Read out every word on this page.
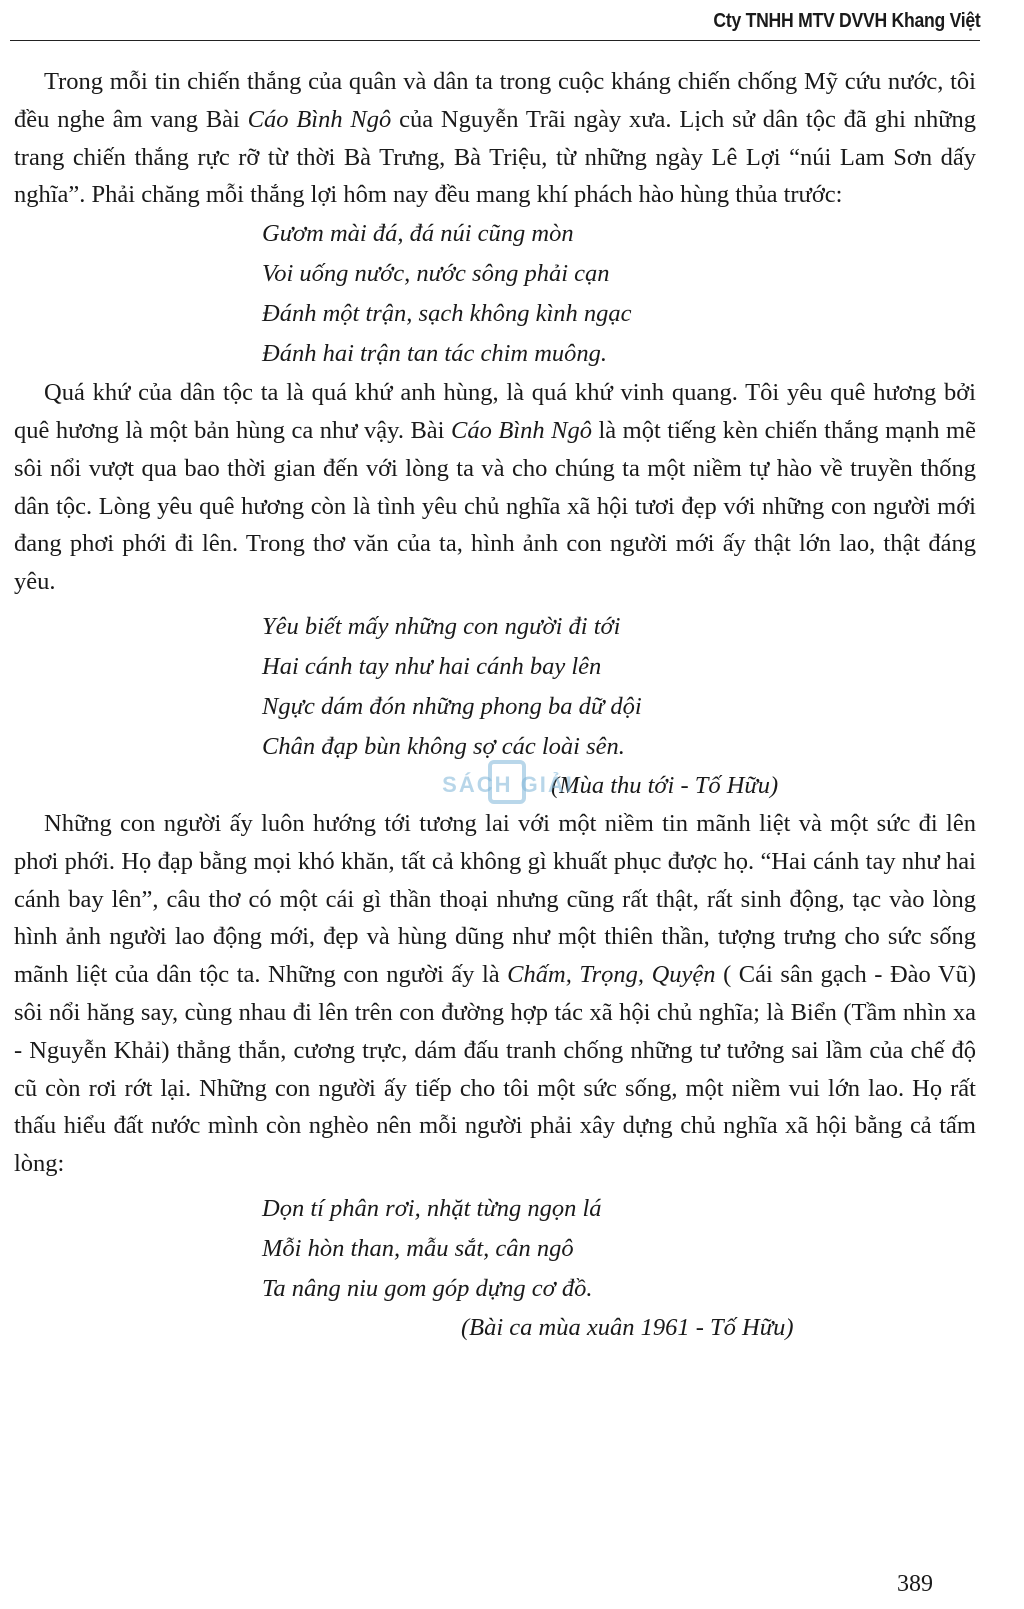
Cty TNHH MTV DVVH Khang Việt

Trong mỗi tin chiến thắng của quân và dân ta trong cuộc kháng chiến chống Mỹ cứu nước, tôi đều nghe âm vang Bài Cáo Bình Ngô của Nguyễn Trãi ngày xưa. Lịch sử dân tộc đã ghi những trang chiến thắng rực rỡ từ thời Bà Trưng, Bà Triệu, từ những ngày Lê Lợi “núi Lam Sơn dấy nghĩa”. Phải chăng mỗi thắng lợi hôm nay đều mang khí phách hào hùng thủa trước:

Gươm mài đá, đá núi cũng mòn
Voi uống nước, nước sông phải cạn
Đánh một trận, sạch không kình ngạc
Đánh hai trận tan tác chim muông.

Quá khứ của dân tộc ta là quá khứ anh hùng, là quá khứ vinh quang. Tôi yêu quê hương bởi quê hương là một bản hùng ca như vậy. Bài Cáo Bình Ngô là một tiếng kèn chiến thắng mạnh mẽ sôi nổi vượt qua bao thời gian đến với lòng ta và cho chúng ta một niềm tự hào về truyền thống dân tộc. Lòng yêu quê hương còn là tình yêu chủ nghĩa xã hội tươi đẹp với những con người mới đang phơi phới đi lên. Trong thơ văn của ta, hình ảnh con người mới ấy thật lớn lao, thật đáng yêu.

Yêu biết mấy những con người đi tới
Hai cánh tay như hai cánh bay lên
Ngực dám đón những phong ba dữ dội
Chân đạp bùn không sợ các loài sên.
(Mùa thu tới - Tố Hữu)

Những con người ấy luôn hướng tới tương lai với một niềm tin mãnh liệt và một sức đi lên phơi phới. Họ đạp bằng mọi khó khăn, tất cả không gì khuất phục được họ. “Hai cánh tay như hai cánh bay lên”, câu thơ có một cái gì thần thoại nhưng cũng rất thật, rất sinh động, tạc vào lòng hình ảnh người lao động mới, đẹp và hùng dũng như một thiên thần, tượng trưng cho sức sống mãnh liệt của dân tộc ta. Những con người ấy là Chấm, Trọng, Quyện ( Cái sân gạch - Đào Vũ) sôi nổi hăng say, cùng nhau đi lên trên con đường hợp tác xã hội chủ nghĩa; là Biển (Tầm nhìn xa - Nguyễn Khải) thẳng thắn, cương trực, dám đấu tranh chống những tư tưởng sai lầm của chế độ cũ còn rơi rớt lại. Những con người ấy tiếp cho tôi một sức sống, một niềm vui lớn lao. Họ rất thấu hiểu đất nước mình còn nghèo nên mỗi người phải xây dựng chủ nghĩa xã hội bằng cả tấm lòng:

Dọn tí phân rơi, nhặt từng ngọn lá
Mỗi hòn than, mẫu sắt, cân ngô
Ta nâng niu gom góp dựng cơ đồ.
(Bài ca mùa xuân 1961 - Tố Hữu)
SÁCH GIẢI
389
